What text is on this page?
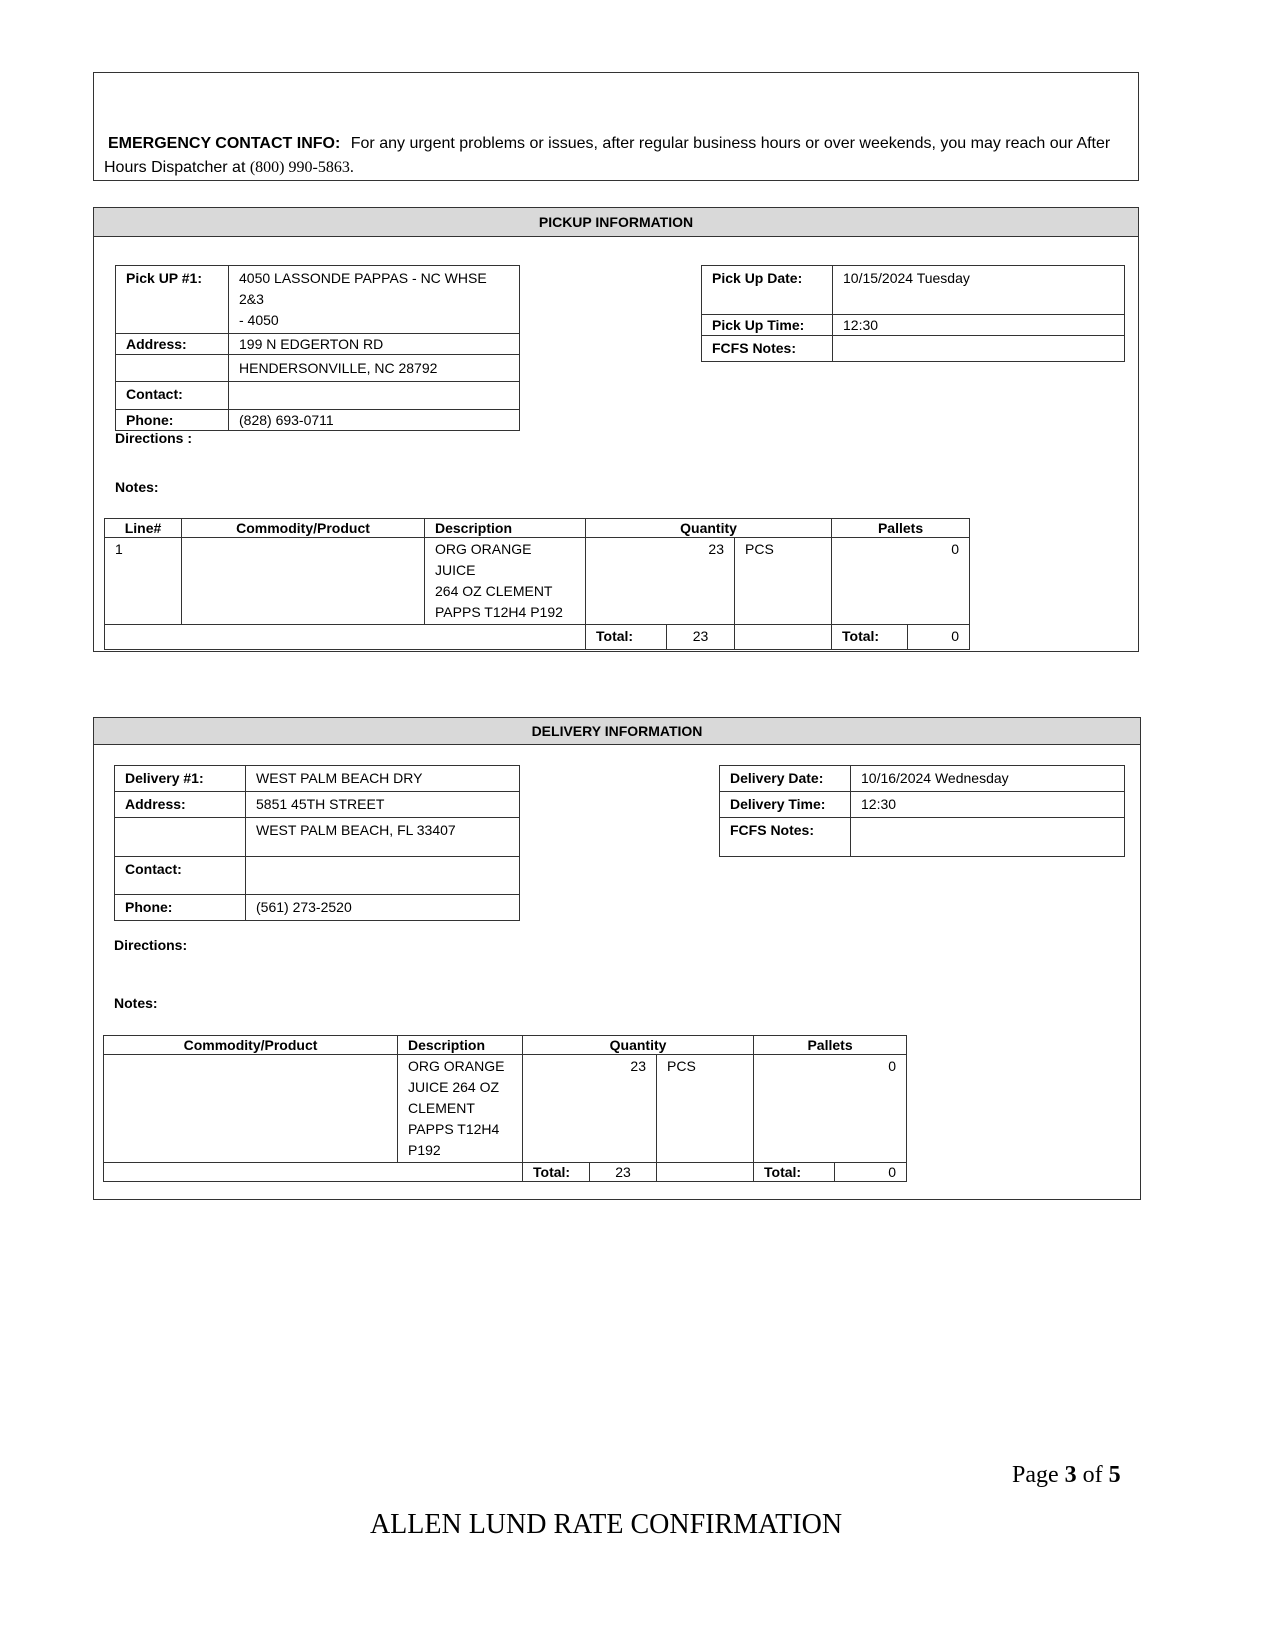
EMERGENCY CONTACT INFO: For any urgent problems or issues, after regular business hours or over weekends, you may reach our After
Hours Dispatcher at (800) 990-5863.
PICKUP INFORMATION
Pick UP #1:	4050 LASSONDE PAPPAS - NC WHSE 2&3
- 4050

Address:	199 N EDGERTON RD
	HENDERSONVILLE, NC 28792
Contact:	
Phone:	(828) 693-0711
Pick Up Date:	10/15/2024 Tuesday
Pick Up Time:	12:30
FCFS Notes:	
Directions :
Notes:
Line#	Commodity/Product	Description	Quantity			Pallets	
1		ORG ORANGE JUICE
264 OZ CLEMENT
PAPPS T12H4 P192	23		PCS	0	
			Total:	23		Total:	0
DELIVERY INFORMATION
Delivery #1:	WEST PALM BEACH DRY
Address:	5851 45TH STREET
	WEST PALM BEACH, FL 33407
Contact:	
Phone:	(561) 273-2520
Delivery Date:	10/16/2024 Wednesday
Delivery Time:	12:30
FCFS Notes:	
Directions:
Notes:
Commodity/Product	Description	Quantity			Pallets	

	ORG ORANGE
JUICE 264 OZ
CLEMENT
PAPPS T12H4
P192	23		PCS	0	
		Total:	23		Total:	0
Page 3 of 5
ALLEN LUND RATE CONFIRMATION
